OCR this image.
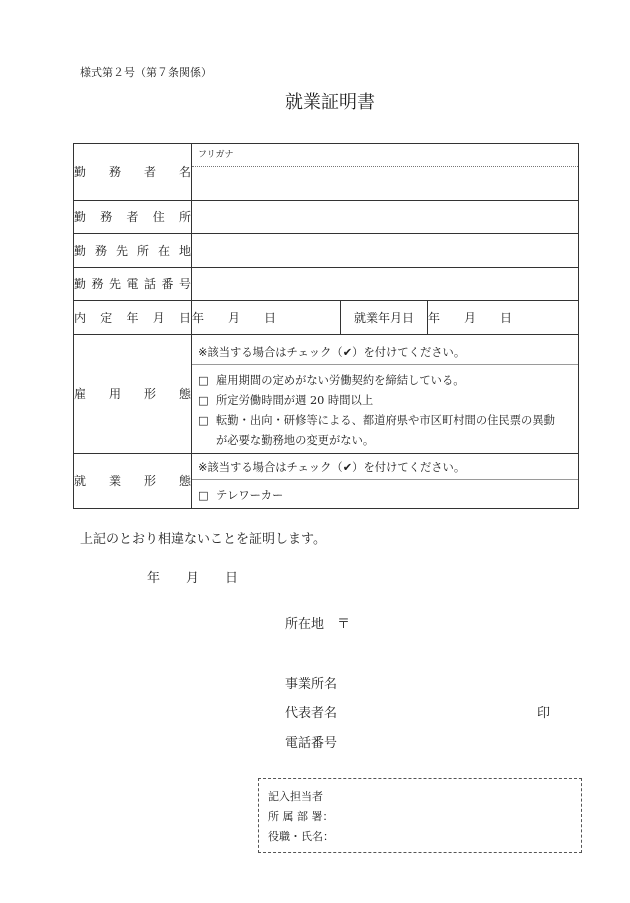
様式第２号（第７条関係）
就業証明書
勤 務 者 名	フリガナ		

勤 務 者 住 所			
勤 務 先 所 在 地			
勤務先電話番号			
内 定 年 月 日	年　　月　　日	就業年月日	年　　月　　日
雇 用 形 態	※該当する場合はチェック（✔）を付けてください。
□ 雇用期間の定めがない労働契約を締結している。
□ 所定労働時間が週 20 時間以上
□ 転勤・出向・研修等による、都道府県や市区町村間の住民票の異動
が必要な勤務地の変更がない。		

就 業 形 態	※該当する場合はチェック（✔）を付けてください。
□ テレワーカー		
上記のとおり相違ないことを証明します。
年　　月　　日
所在地 〒
事業所名
代表者名	印
電話番号
記入担当者
所 属 部 署：
役職・氏名：
